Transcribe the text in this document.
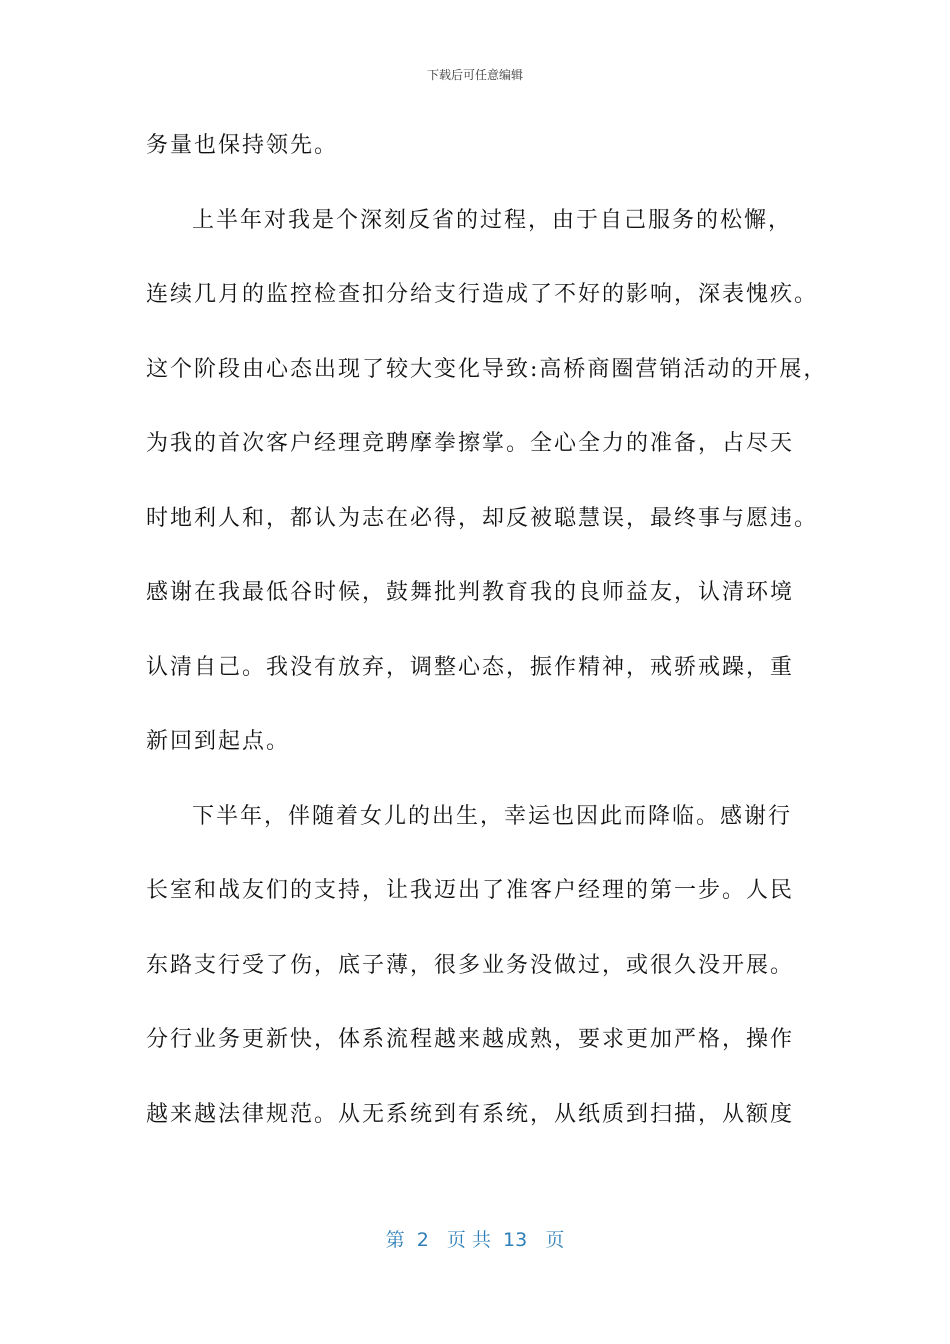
下载后可任意编辑
务量也保持领先。
上半年对我是个深刻反省的过程，由于自己服务的松懈，
连续几月的监控检查扣分给支行造成了不好的影响，深表愧疚。
这个阶段由心态出现了较大变化导致:高桥商圈营销活动的开展，
为我的首次客户经理竞聘摩拳擦掌。全心全力的准备，占尽天
时地利人和，都认为志在必得，却反被聪慧误，最终事与愿违。
感谢在我最低谷时候，鼓舞批判教育我的良师益友，认清环境
认清自己。我没有放弃，调整心态，振作精神，戒骄戒躁，重
新回到起点。
下半年，伴随着女儿的出生，幸运也因此而降临。感谢行
长室和战友们的支持，让我迈出了准客户经理的第一步。人民
东路支行受了伤，底子薄，很多业务没做过，或很久没开展。
分行业务更新快，体系流程越来越成熟，要求更加严格，操作
越来越法律规范。从无系统到有系统，从纸质到扫描，从额度
第  2   页 共  13   页
